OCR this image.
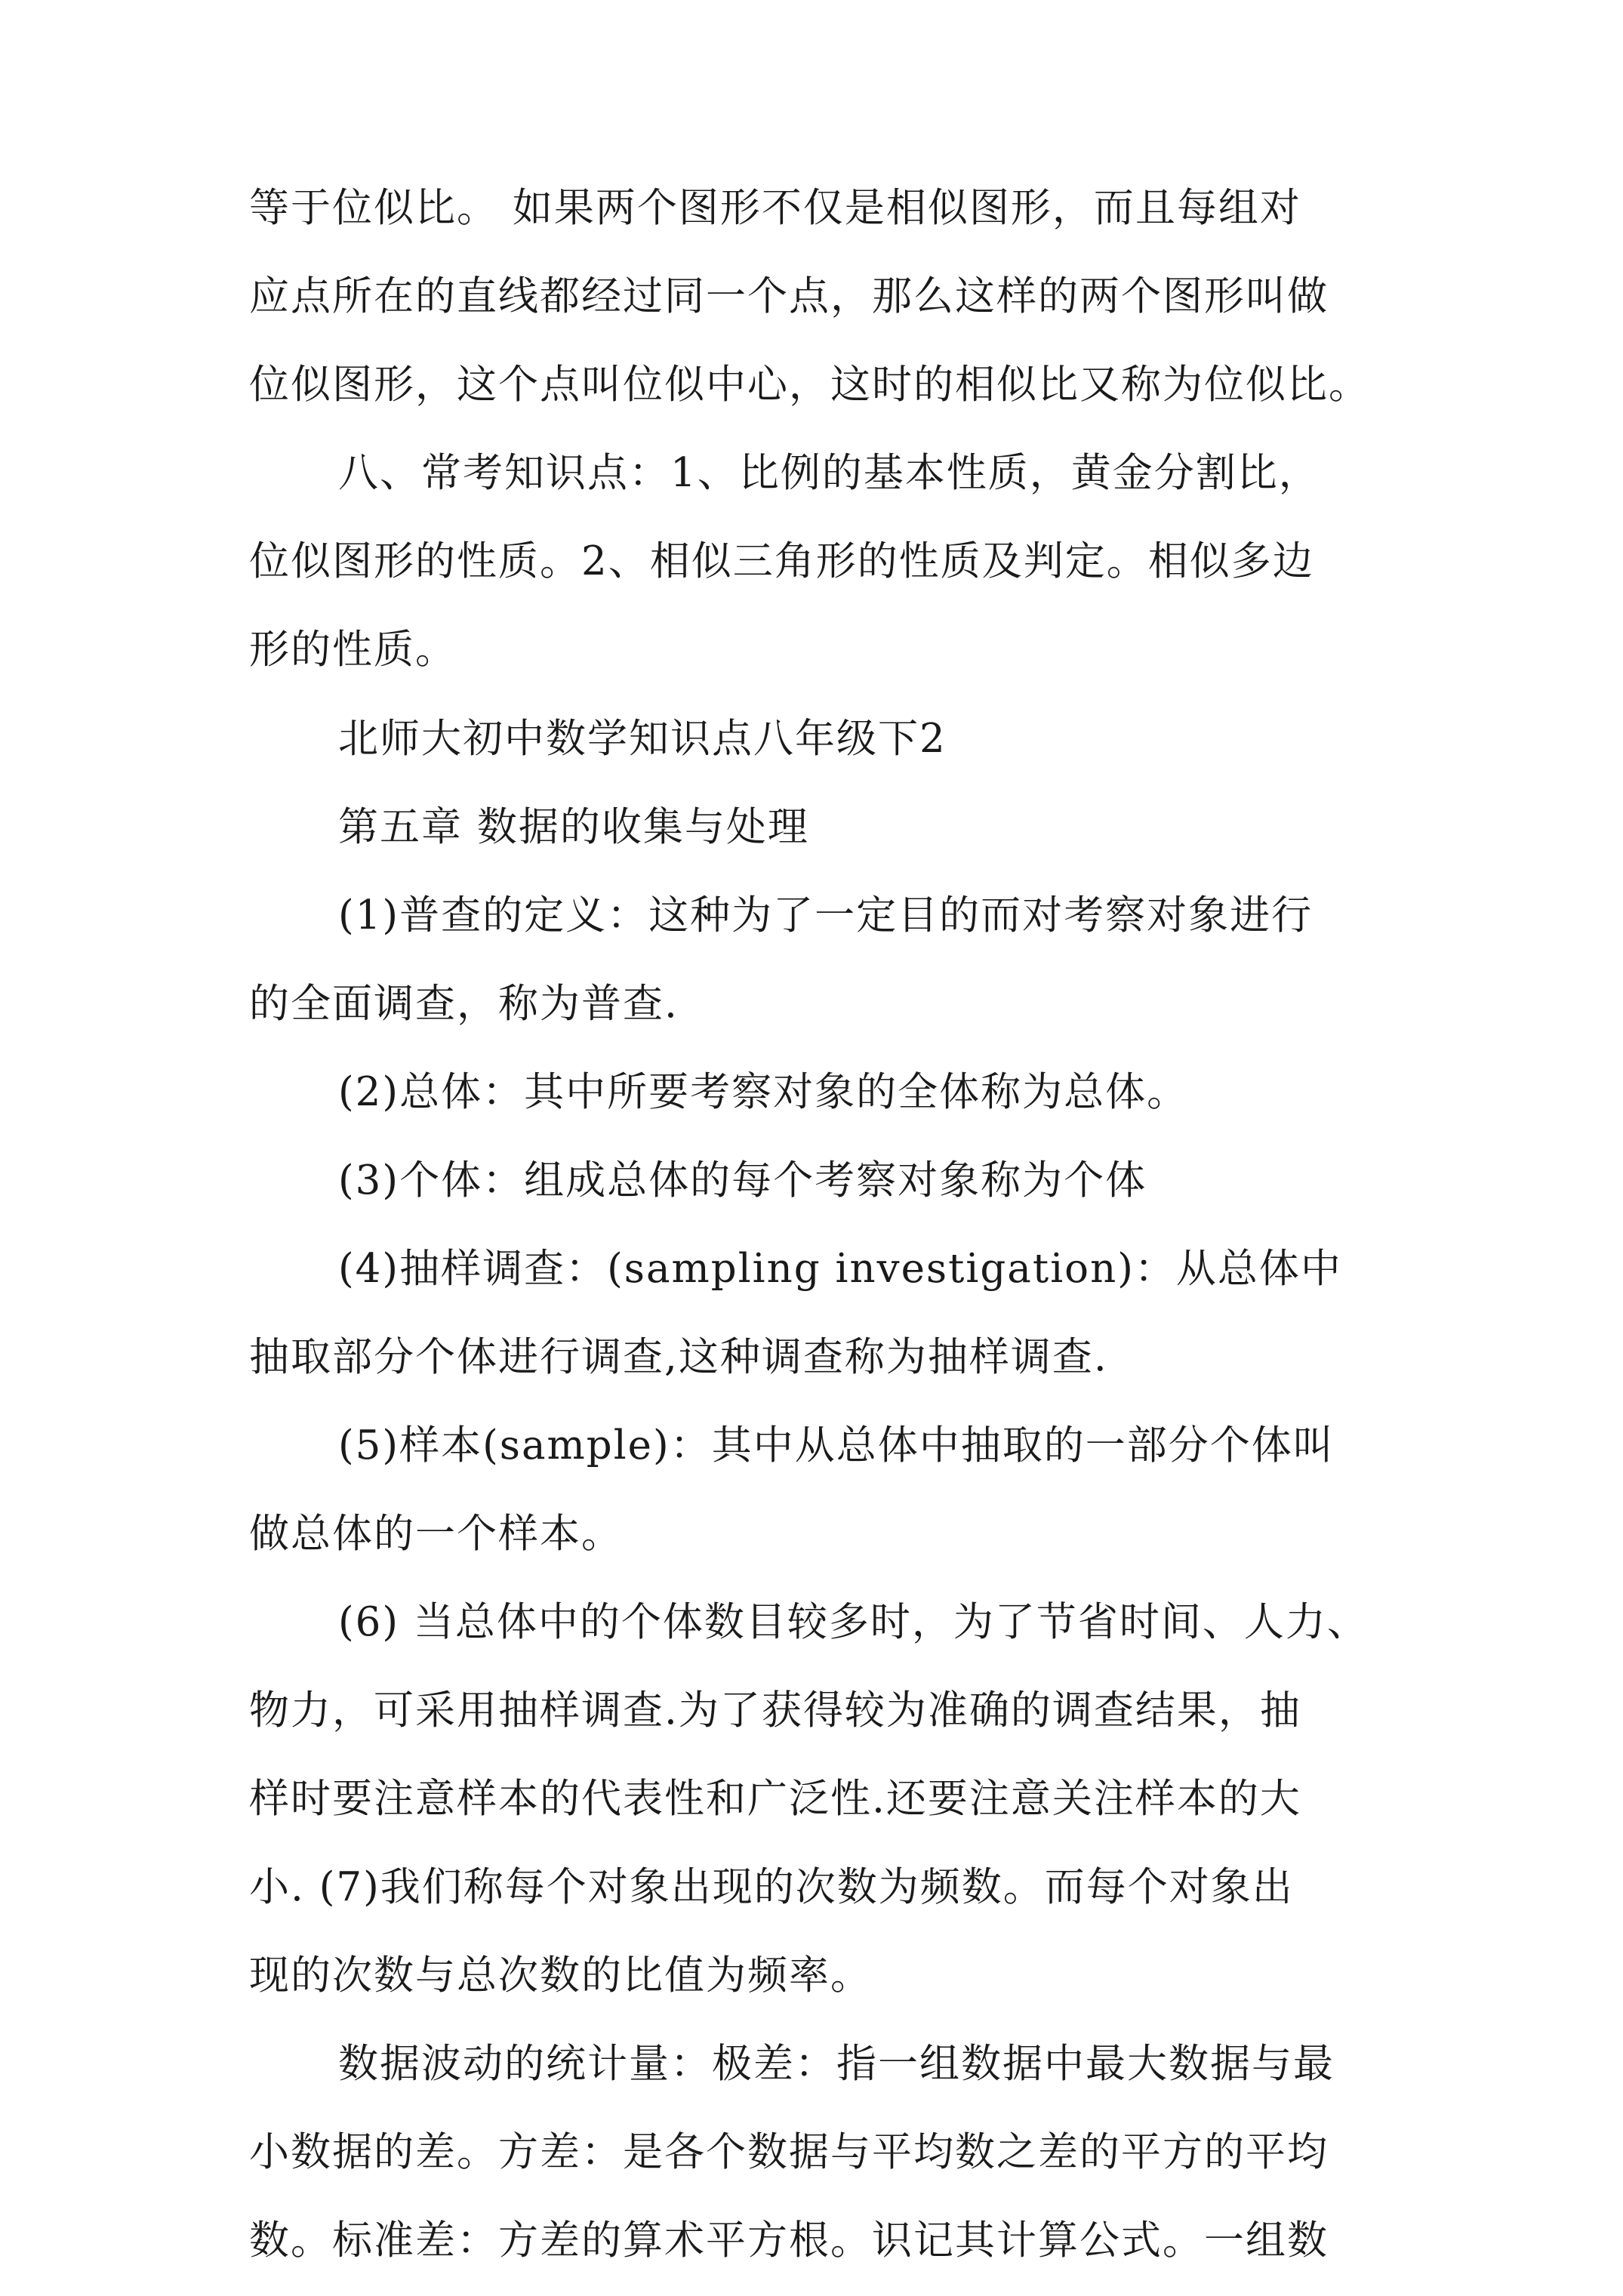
等于位似比。 如果两个图形不仅是相似图形，而且每组对
应点所在的直线都经过同一个点，那么这样的两个图形叫做
位似图形，这个点叫位似中心，这时的相似比又称为位似比。
八、常考知识点：1、比例的基本性质，黄金分割比，
位似图形的性质。2、相似三角形的性质及判定。相似多边
形的性质。
北师大初中数学知识点八年级下2
第五章 数据的收集与处理
(1)普查的定义：这种为了一定目的而对考察对象进行
的全面调查，称为普查.
(2)总体：其中所要考察对象的全体称为总体。
(3)个体：组成总体的每个考察对象称为个体
(4)抽样调查：(sampling investigation)：从总体中
抽取部分个体进行调查,这种调查称为抽样调查.
(5)样本(sample)：其中从总体中抽取的一部分个体叫
做总体的一个样本。
(6) 当总体中的个体数目较多时，为了节省时间、人力、
物力，可采用抽样调查.为了获得较为准确的调查结果，抽
样时要注意样本的代表性和广泛性.还要注意关注样本的大
小. (7)我们称每个对象出现的次数为频数。而每个对象出
现的次数与总次数的比值为频率。
数据波动的统计量：极差：指一组数据中最大数据与最
小数据的差。方差：是各个数据与平均数之差的平方的平均
数。标准差：方差的算术平方根。识记其计算公式。一组数
